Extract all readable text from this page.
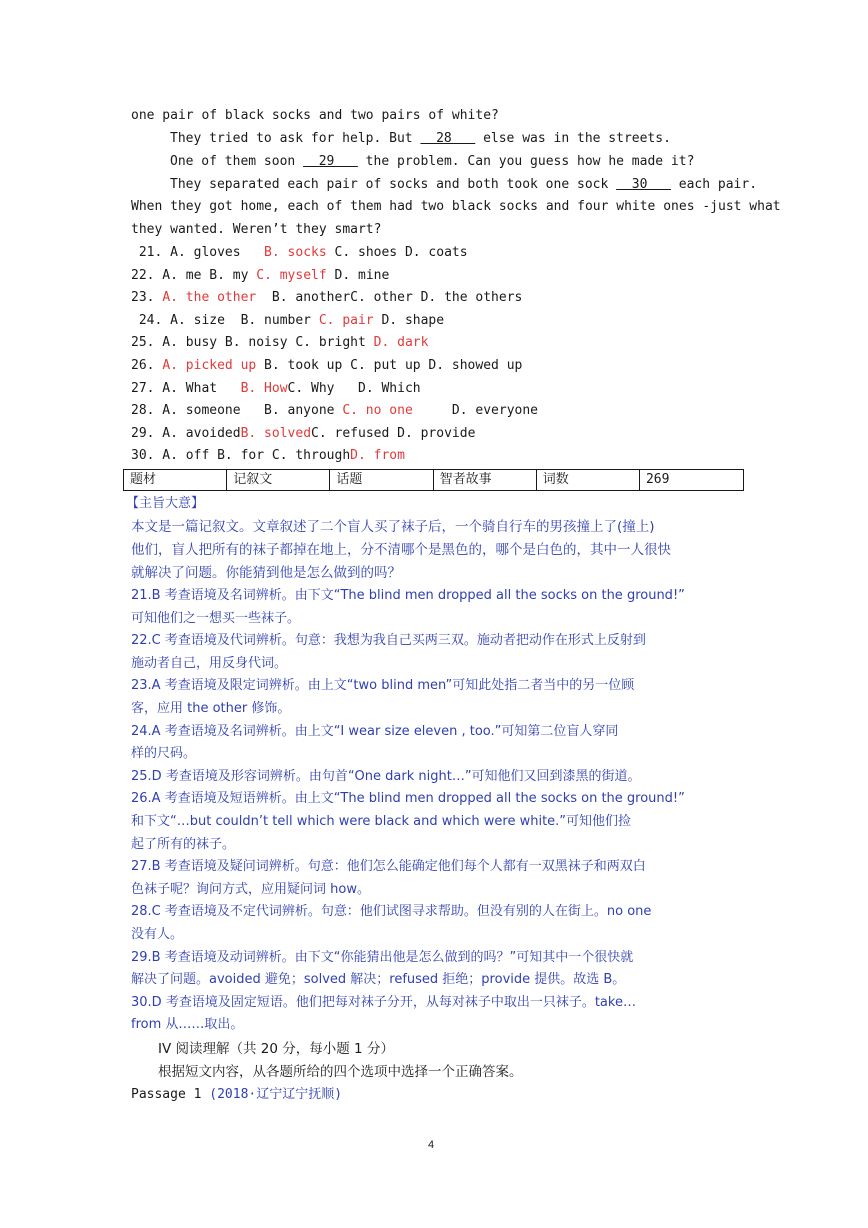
one pair of black socks and two pairs of white?
They tried to ask for help. But   28    else was in the streets.
One of them soon   29    the problem. Can you guess how he made it?
They separated each pair of socks and both took one sock   30    each pair.
When they got home, each of them had two black socks and four white ones -just what
they wanted. Weren’t they smart?
21. A. gloves   B. socks C. shoes D. coats
22. A. me B. my C. myself D. mine
23. A. the other  B. anotherC. other D. the others
24. A. size  B. number C. pair D. shape
25. A. busy B. noisy C. bright D. dark
26. A. picked up B. took up C. put up D. showed up
27. A. What   B. HowC. Why   D. Which
28. A. someone   B. anyone C. no one     D. everyone
29. A. avoidedB. solvedC. refused D. provide
30. A. off B. for C. throughD. from
题材	记叙文	话题	智者故事	词数	269
【主旨大意】
本文是一篇记叙文。文章叙述了二个盲人买了袜子后，一个骑自行车的男孩撞上了(撞上)
他们，盲人把所有的袜子都掉在地上，分不清哪个是黑色的，哪个是白色的，其中一人很快
就解决了问题。你能猜到他是怎么做到的吗？
21.B 考查语境及名词辨析。由下文“The blind men dropped all the socks on the ground!”
可知他们之一想买一些袜子。
22.C 考查语境及代词辨析。句意：我想为我自己买两三双。施动者把动作在形式上反射到
施动者自己，用反身代词。
23.A 考查语境及限定词辨析。由上文“two blind men”可知此处指二者当中的另一位顾
客，应用 the other 修饰。
24.A 考查语境及名词辨析。由上文“I wear size eleven , too.”可知第二位盲人穿同
样的尺码。
25.D 考查语境及形容词辨析。由句首“One dark night…”可知他们又回到漆黑的街道。
26.A 考查语境及短语辨析。由上文“The blind men dropped all the socks on the ground!”
和下文“…but couldn’t tell which were black and which were white.”可知他们捡
起了所有的袜子。
27.B 考查语境及疑问词辨析。句意：他们怎么能确定他们每个人都有一双黑袜子和两双白
色袜子呢？询问方式，应用疑问词 how。
28.C 考查语境及不定代词辨析。句意：他们试图寻求帮助。但没有别的人在街上。no one
没有人。
29.B 考查语境及动词辨析。由下文“你能猜出他是怎么做到的吗？”可知其中一个很快就
解决了问题。avoided 避免；solved 解决；refused 拒绝；provide 提供。故选 B。
30.D 考查语境及固定短语。他们把每对袜子分开，从每对袜子中取出一只袜子。take…
from 从……取出。
IV 阅读理解（共 20 分，每小题 1 分）
根据短文内容，从各题所给的四个选项中选择一个正确答案。
Passage 1 (2018·辽宁辽宁抚顺)
4
